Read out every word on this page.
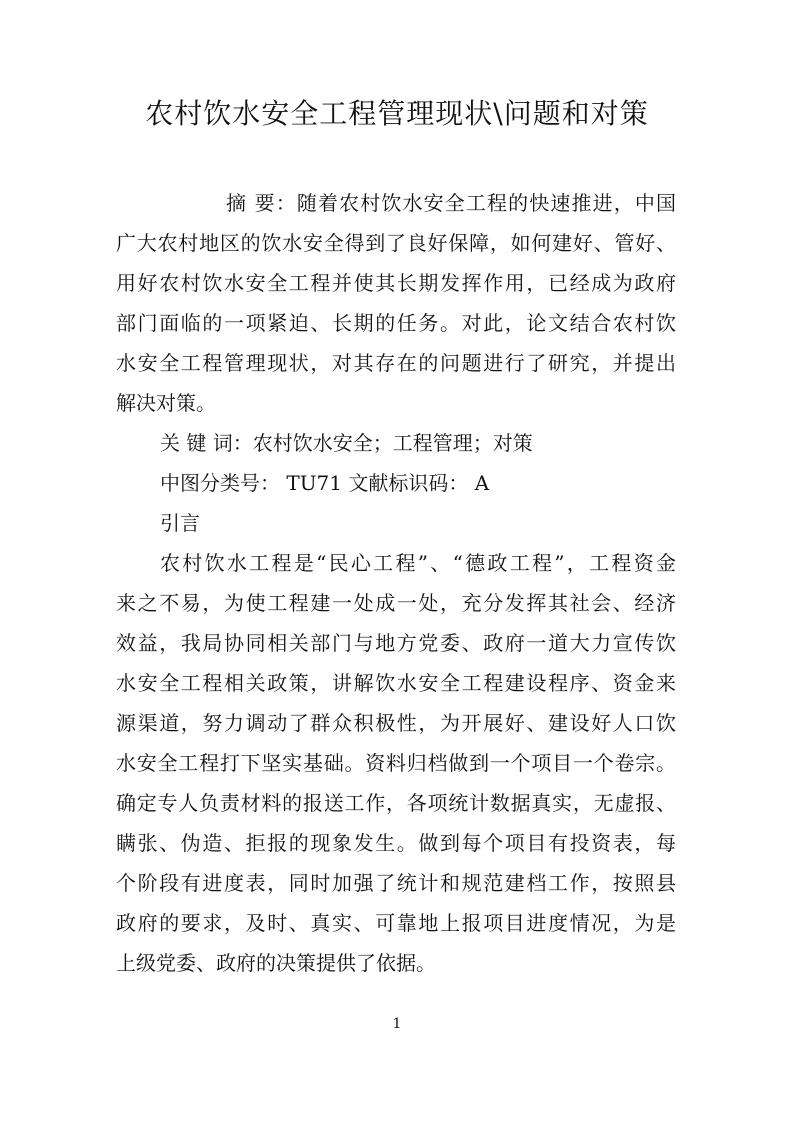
农村饮水安全工程管理现状\问题和对策
摘 要：随着农村饮水安全工程的快速推进，中国
广大农村地区的饮水安全得到了良好保障，如何建好、管好、
用好农村饮水安全工程并使其长期发挥作用，已经成为政府
部门面临的一项紧迫、长期的任务。对此，论文结合农村饮
水安全工程管理现状，对其存在的问题进行了研究，并提出
解决对策。
关 键 词：农村饮水安全；工程管理；对策
中图分类号： TU71 文献标识码： A
引言
农村饮水工程是“民心工程”、“德政工程”，工程资金
来之不易，为使工程建一处成一处，充分发挥其社会、经济
效益，我局协同相关部门与地方党委、政府一道大力宣传饮
水安全工程相关政策，讲解饮水安全工程建设程序、资金来
源渠道，努力调动了群众积极性，为开展好、建设好人口饮
水安全工程打下坚实基础。资料归档做到一个项目一个卷宗。
确定专人负责材料的报送工作，各项统计数据真实，无虚报、
瞒张、伪造、拒报的现象发生。做到每个项目有投资表，每
个阶段有进度表，同时加强了统计和规范建档工作，按照县
政府的要求，及时、真实、可靠地上报项目进度情况，为是
上级党委、政府的决策提供了依据。
1
